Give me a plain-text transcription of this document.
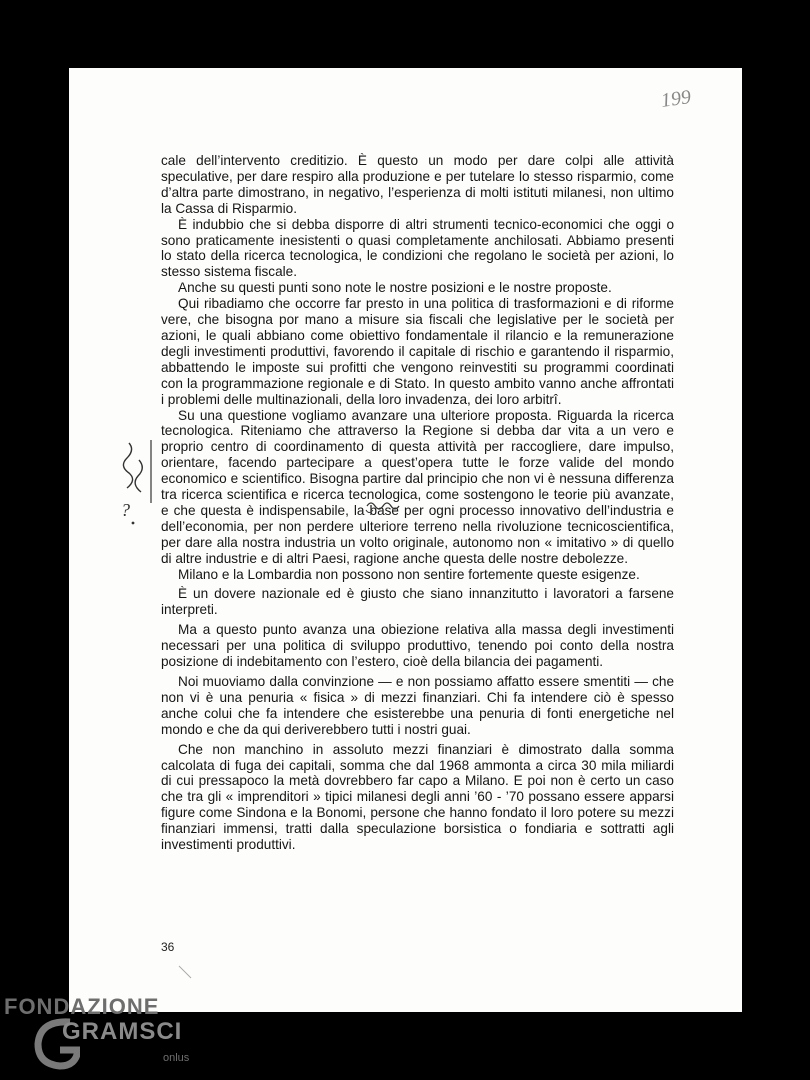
199

cale dell’intervento creditizio. È questo un modo per dare colpi alle attività speculative, per dare respiro alla produzione e per tutelare lo stesso risparmio, come d’altra parte dimostrano, in negativo, l’esperienza di molti istituti milanesi, non ultimo la Cassa di Risparmio.

È indubbio che si debba disporre di altri strumenti tecnico-economici che oggi o sono praticamente inesistenti o quasi completamente anchilosati. Abbiamo presenti lo stato della ricerca tecnologica, le condizioni che regolano le società per azioni, lo stesso sistema fiscale.

Anche su questi punti sono note le nostre posizioni e le nostre proposte.

Qui ribadiamo che occorre far presto in una politica di trasformazioni e di riforme vere, che bisogna por mano a misure sia fiscali che legislative per le società per azioni, le quali abbiano come obiettivo fondamentale il rilancio e la remunerazione degli investimenti produttivi, favorendo il capitale di rischio e garantendo il risparmio, abbattendo le imposte sui profitti che vengono reinvestiti su programmi coordinati con la programmazione regionale e di Stato. In questo ambito vanno anche affrontati i problemi delle multinazionali, della loro invadenza, dei loro arbitrî.

Su una questione vogliamo avanzare una ulteriore proposta. Riguarda la ricerca tecnologica. Riteniamo che attraverso la Regione si debba dar vita a un vero e proprio centro di coordinamento di questa attività per raccogliere, dare impulso, orientare, facendo partecipare a quest’opera tutte le forze valide del mondo economico e scientifico. Bisogna partire dal principio che non vi è nessuna differenza tra ricerca scientifica e ricerca tecnologica, come sostengono le teorie più avanzate, e che questa è indispensabile, la base per ogni processo innovativo dell’industria e dell’economia, per non perdere ulteriore terreno nella rivoluzione tecnicoscientifica, per dare alla nostra industria un volto originale, autonomo non « imitativo » di quello di altre industrie e di altri Paesi, ragione anche questa delle nostre debolezze.

Milano e la Lombardia non possono non sentire fortemente queste esigenze.

È un dovere nazionale ed è giusto che siano innanzitutto i lavoratori a farsene interpreti.

Ma a questo punto avanza una obiezione relativa alla massa degli investimenti necessari per una politica di sviluppo produttivo, tenendo poi conto della nostra posizione di indebitamento con l’estero, cioè della bilancia dei pagamenti.

Noi muoviamo dalla convinzione — e non possiamo affatto essere smentiti — che non vi è una penuria « fisica » di mezzi finanziari. Chi fa intendere ciò è spesso anche colui che fa intendere che esisterebbe una penuria di fonti energetiche nel mondo e che da qui deriverebbero tutti i nostri guai.

Che non manchino in assoluto mezzi finanziari è dimostrato dalla somma calcolata di fuga dei capitali, somma che dal 1968 ammonta a circa 30 mila miliardi di cui pressapoco la metà dovrebbero far capo a Milano. E poi non è certo un caso che tra gli « imprenditori » tipici milanesi degli anni ’60 - ’70 possano essere apparsi figure come Sindona e la Bonomi, persone che hanno fondato il loro potere su mezzi finanziari immensi, tratti dalla speculazione borsistica o fondiaria e sottratti agli investimenti produttivi.

36
?
FONDAZIONE
GRAMSCI
onlus
